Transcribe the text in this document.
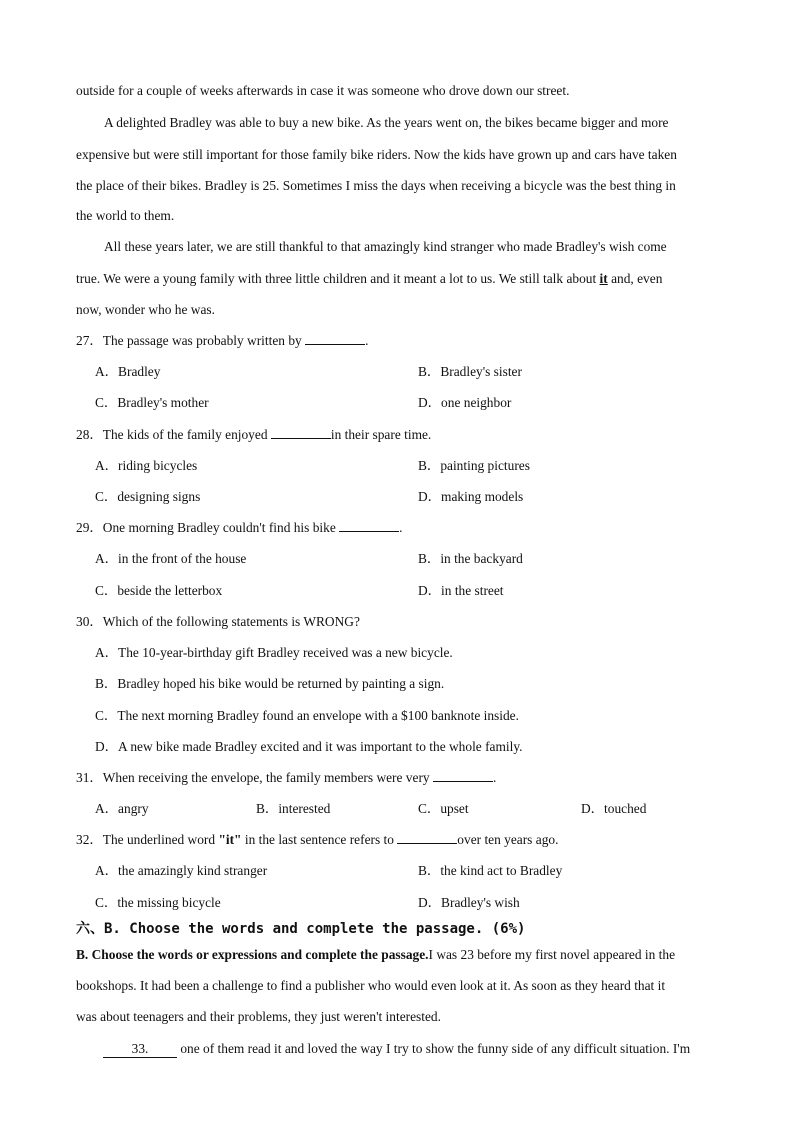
outside for a couple of weeks afterwards in case it was someone who drove down our street.
A delighted Bradley was able to buy a new bike. As the years went on, the bikes became bigger and more
expensive but were still important for those family bike riders. Now the kids have grown up and cars have taken
the place of their bikes. Bradley is 25. Sometimes I miss the days when receiving a bicycle was the best thing in
the world to them.
All these years later, we are still thankful to that amazingly kind stranger who made Bradley's wish come
true. We were a young family with three little children and it meant a lot to us. We still talk about it and, even
now, wonder who he was.
27．The passage was probably written by	.
A．Bradley	B．Bradley's sister
C．Bradley's mother	D．one neighbor
28．The kids of the family enjoyed	in their spare time.
A．riding bicycles	B．painting pictures
C．designing signs	D．making models
29．One morning Bradley couldn't find his bike	.
A．in the front of the house	B．in the backyard
C．beside the letterbox	D．in the street
30．Which of the following statements is WRONG?
A．The 10-year-birthday gift Bradley received was a new bicycle.
B．Bradley hoped his bike would be returned by painting a sign.
C．The next morning Bradley found an envelope with a $100 banknote inside.
D．A new bike made Bradley excited and it was important to the whole family.
31．When receiving the envelope, the family members were very	.
A．angry	B．interested	C．upset	D．touched
32．The underlined word "it" in the last sentence refers to	over ten years ago.
A．the amazingly kind stranger	B．the kind act to Bradley
C．the missing bicycle	D．Bradley's wish
六、B. Choose the words and complete the passage. (6%)
B. Choose the words or expressions and complete the passage.I was 23 before my first novel appeared in the
bookshops. It had been a challenge to find a publisher who would even look at it. As soon as they heard that it
was about teenagers and their problems, they just weren't interested.
33. one of them read it and loved the way I try to show the funny side of any difficult situation. I'm
